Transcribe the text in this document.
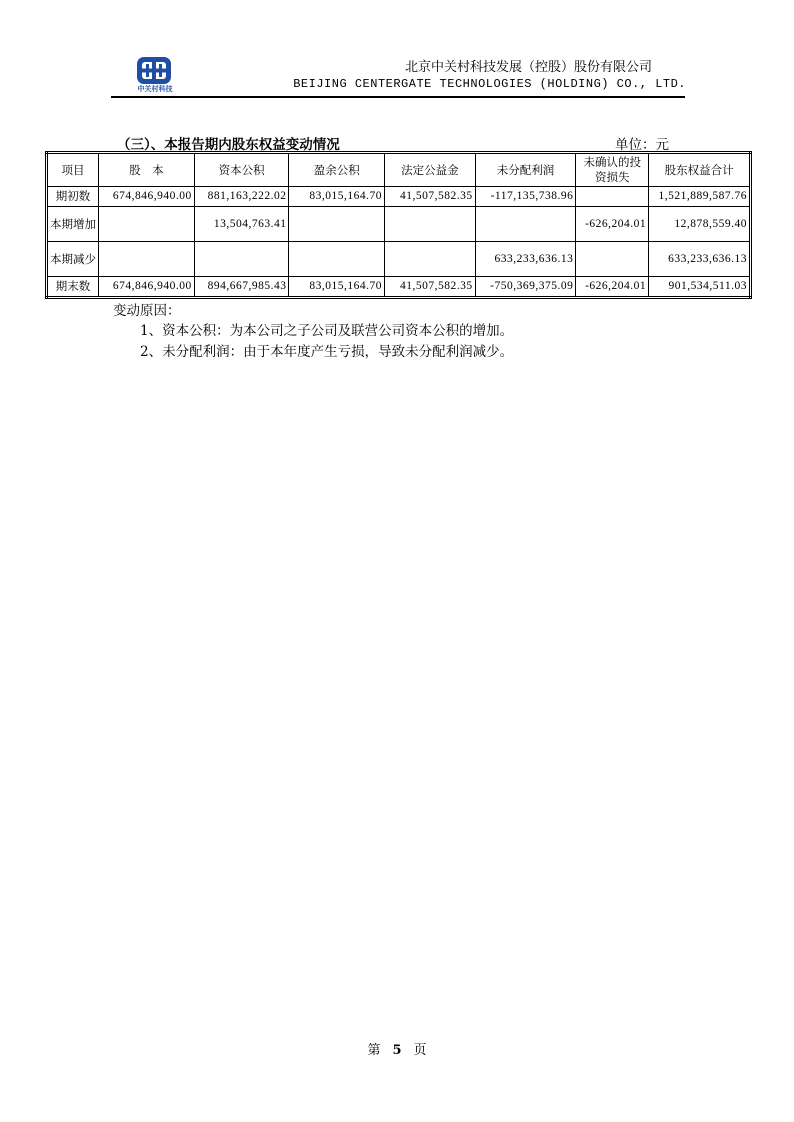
中关村科技
北京中关村科技发展（控股）股份有限公司
BEIJING CENTERGATE TECHNOLOGIES (HOLDING) CO., LTD.
（三）、本报告期内股东权益变动情况	单位：元
项目	股　本	资本公积	盈余公积	法定公益金	未分配利润	未确认的投资损失	股东权益合计
期初数	674,846,940.00	881,163,222.02	83,015,164.70	41,507,582.35	-117,135,738.96		1,521,889,587.76
本期增加		13,504,763.41				-626,204.01	12,878,559.40
本期减少					633,233,636.13		633,233,636.13
期末数	674,846,940.00	894,667,985.43	83,015,164.70	41,507,582.35	-750,369,375.09	-626,204.01	901,534,511.03
变动原因：
1、资本公积：为本公司之子公司及联营公司资本公积的增加。
2、未分配利润：由于本年度产生亏损，导致未分配利润减少。
第 5 页
